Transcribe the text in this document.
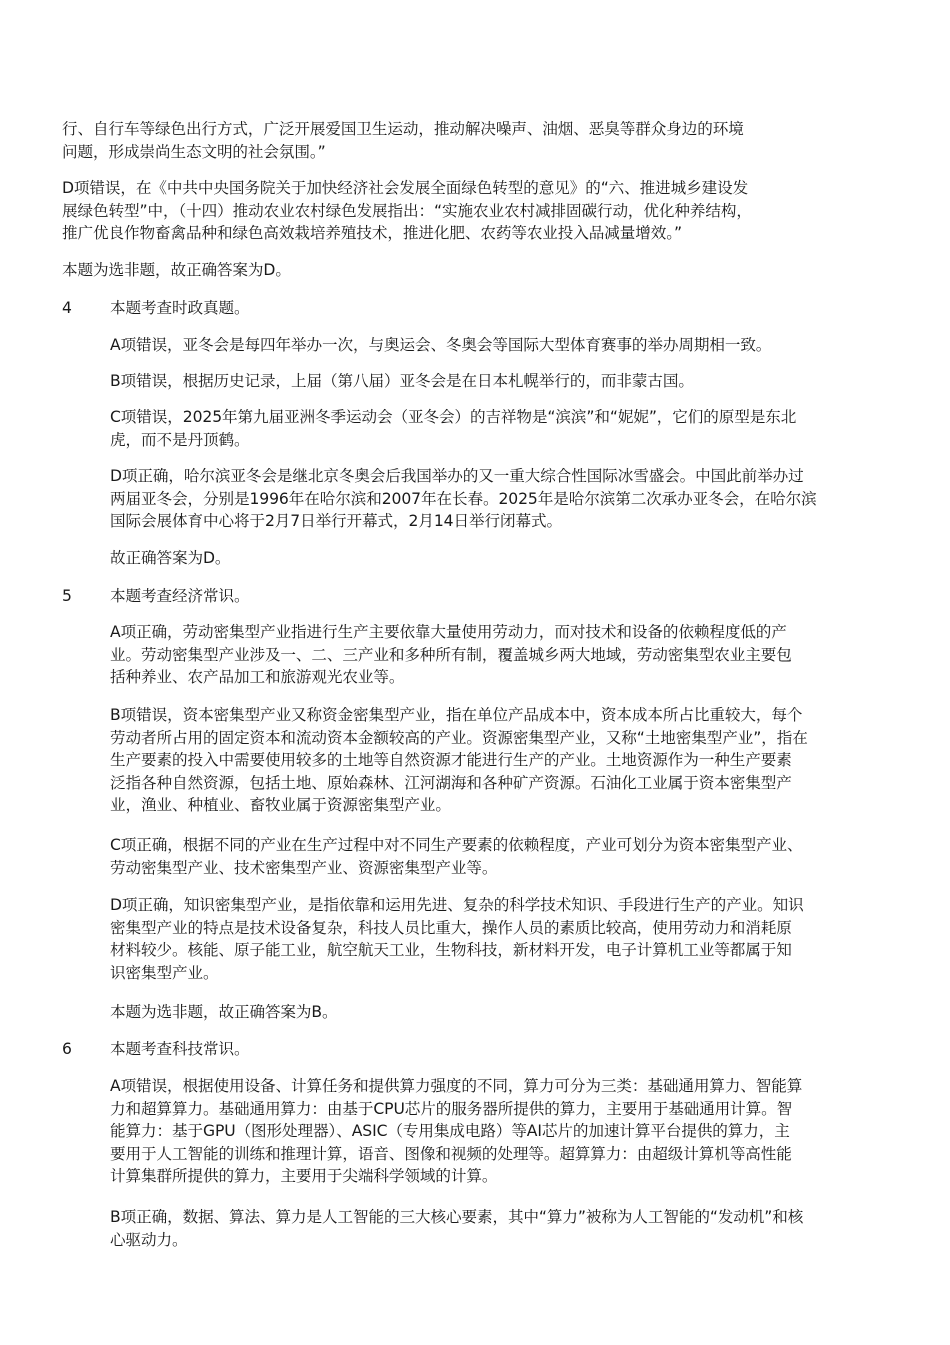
行、自行车等绿色出行方式，广泛开展爱国卫生运动，推动解决噪声、油烟、恶臭等群众身边的环境
问题，形成崇尚生态文明的社会氛围。”

D项错误，在《中共中央国务院关于加快经济社会发展全面绿色转型的意见》的“六、推进城乡建设发
展绿色转型”中，（十四）推动农业农村绿色发展指出：“实施农业农村减排固碳行动，优化种养结构，
推广优良作物畜禽品种和绿色高效栽培养殖技术，推进化肥、农药等农业投入品减量增效。”

本题为选非题，故正确答案为D。

4 本题考查时政真题。

A项错误，亚冬会是每四年举办一次，与奥运会、冬奥会等国际大型体育赛事的举办周期相一致。

B项错误，根据历史记录，上届（第八届）亚冬会是在日本札幌举行的，而非蒙古国。

C项错误，2025年第九届亚洲冬季运动会（亚冬会）的吉祥物是“滨滨”和“妮妮”，它们的原型是东北
虎，而不是丹顶鹤。

D项正确，哈尔滨亚冬会是继北京冬奥会后我国举办的又一重大综合性国际冰雪盛会。中国此前举办过
两届亚冬会，分别是1996年在哈尔滨和2007年在长春。2025年是哈尔滨第二次承办亚冬会，在哈尔滨
国际会展体育中心将于2月7日举行开幕式，2月14日举行闭幕式。

故正确答案为D。

5 本题考查经济常识。

A项正确，劳动密集型产业指进行生产主要依靠大量使用劳动力，而对技术和设备的依赖程度低的产
业。劳动密集型产业涉及一、二、三产业和多种所有制，覆盖城乡两大地域，劳动密集型农业主要包
括种养业、农产品加工和旅游观光农业等。

B项错误，资本密集型产业又称资金密集型产业，指在单位产品成本中，资本成本所占比重较大，每个
劳动者所占用的固定资本和流动资本金额较高的产业。资源密集型产业，又称“土地密集型产业”，指在
生产要素的投入中需要使用较多的土地等自然资源才能进行生产的产业。土地资源作为一种生产要素
泛指各种自然资源，包括土地、原始森林、江河湖海和各种矿产资源。石油化工业属于资本密集型产
业，渔业、种植业、畜牧业属于资源密集型产业。

C项正确，根据不同的产业在生产过程中对不同生产要素的依赖程度，产业可划分为资本密集型产业、
劳动密集型产业、技术密集型产业、资源密集型产业等。

D项正确，知识密集型产业，是指依靠和运用先进、复杂的科学技术知识、手段进行生产的产业。知识
密集型产业的特点是技术设备复杂，科技人员比重大，操作人员的素质比较高，使用劳动力和消耗原
材料较少。核能、原子能工业，航空航天工业，生物科技，新材料开发，电子计算机工业等都属于知
识密集型产业。

本题为选非题，故正确答案为B。

6 本题考查科技常识。

A项错误，根据使用设备、计算任务和提供算力强度的不同，算力可分为三类：基础通用算力、智能算
力和超算算力。基础通用算力：由基于CPU芯片的服务器所提供的算力，主要用于基础通用计算。智
能算力：基于GPU（图形处理器）、ASIC（专用集成电路）等AI芯片的加速计算平台提供的算力，主
要用于人工智能的训练和推理计算，语音、图像和视频的处理等。超算算力：由超级计算机等高性能
计算集群所提供的算力，主要用于尖端科学领域的计算。

B项正确，数据、算法、算力是人工智能的三大核心要素，其中“算力”被称为人工智能的“发动机”和核
心驱动力。
